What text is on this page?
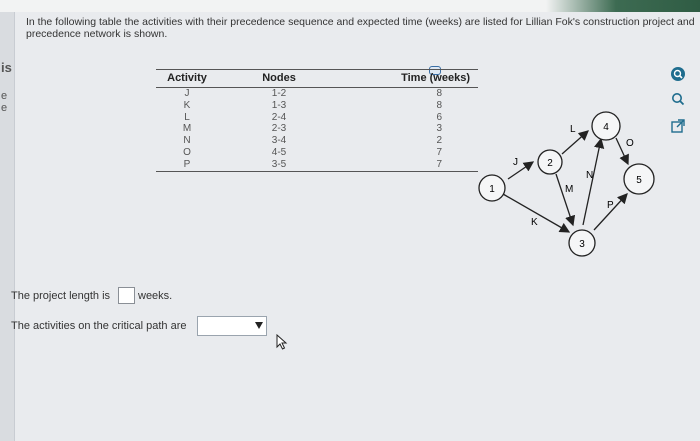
is
e
e
In the following table the activities with their precedence sequence and expected time (weeks) are listed for Lillian Fok's construction project and
precedence network is shown.
Activity	Nodes	Time (weeks)
J	1-2	8
K	1-3	8
L	2-4	6
M	2-3	3
N	3-4	2
O	4-5	7
P	3-5	7
1
2
3
4
5
J
K
L
M
N
O
P
The project length is	weeks.
The activities on the critical path are
